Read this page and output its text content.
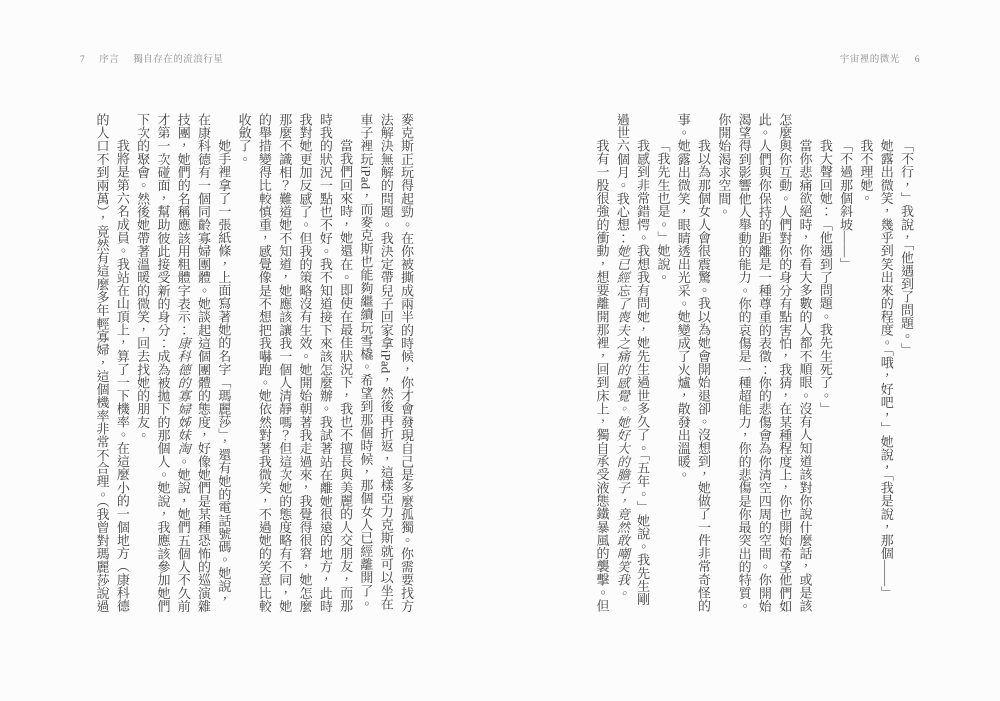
7 序言 獨自存在的流浪行星	宇宙裡的微光 6

「不行，」我說，「他遇到了問題。」

她露出微笑，幾乎到笑出來的程度。「哦，好吧，」她說，「我是說，那個——」

我不理她。

「不過那個斜坡——」

我大聲回她：「他遇到了問題。我先生死了。」

當你悲痛欲絕時，你看大多數的人都不順眼。沒有人知道該對你說什麼話，或是該怎麼與你互動。人們對你的身分有點害怕，我猜，在某種程度上，你也開始希望他們如此。人們與你保持的距離是一種尊重的表徵：你的悲傷會為你清空四周的空間。你開始渴望得到影響他人舉動的能力。你的哀傷是一種超能力，你的悲傷是你最突出的特質。你開始渴求空間。

我以為那個女人會很震驚。我以為她會開始退卻。沒想到，她做了一件非常奇怪的事。她露出微笑，眼睛透出光采。她變成了火爐，散發出溫暖。

「我先生也是。」她說。

我感到非常錯愕。我想我有問她，她先生過世多久了。「五年。」她說。我先生剛過世六個月。我心想：她已經忘了喪夫之痛的感覺。她好大的膽子，竟然敢嘲笑我。

我有一股很強的衝動，想要離開那裡，回到床上，獨自承受液態鐵暴風的襲擊。但

麥克斯正玩得起勁。在你被撕成兩半的時候，你才會發現自己是多麼孤獨。你需要找方法解決無解的問題。我決定帶兒子回家拿iPad，然後再折返，這樣亞力克斯就可以坐在車子裡玩iPad，而麥克斯也能夠繼續玩雪橇。希望到那個時候，那個女人已經離開了。

當我們回來時，她還在。即使在最佳狀況下，我也不擅長與美麗的人交朋友，而那時我的狀況一點也不好。我不知道接下來該怎麼辦。我試著站在離她很遠的地方，此時我對她更加反感了。但我的策略沒有生效。她開始朝著我走過來，我覺得很窘，她怎麼那麼不識相？難道她不知道，她應該讓我一個人清靜嗎？但這次她的態度略有不同，她的舉措變得比較慎重，感覺像是不想把我嚇跑。她依然對著我微笑，不過她的笑意比較收斂了。

她手裡拿了一張紙條，上面寫著她的名字「瑪麗莎」，還有她的電話號碼。她說，在康科德有一個同齡寡婦團體。她談起這個團體的態度，好像她們是某種恐怖的巡演雜技團，她們的名稱應該用粗體字表示：康科德的寡婦姊妹淘。她說，她們五個人不久前才第一次碰面，幫助彼此接受新的身分：成為被拋下的那個人。她說，我應該參加她們下次的聚會。然後她帶著溫暖的微笑，回去找她的朋友。

我將是第六名成員。我站在山頂上，算了一下機率。在這麼小的一個地方（康科德的人口不到兩萬），竟然有這麼多年輕寡婦，這個機率非常不合理。（我曾對瑪麗莎說過
